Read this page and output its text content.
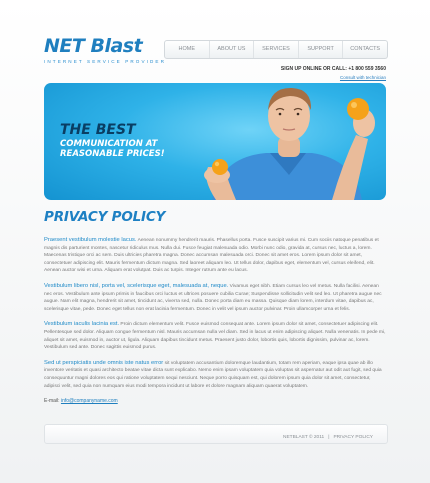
NET Blast
INTERNET SERVICE PROVIDER
HOME	ABOUT US	SERVICES	SUPPORT	CONTACTS
SIGN UP ONLINE OR CALL: +1 800 559 3560
Consult with technician
THE BEST
COMMUNICATION AT REASONABLE PRICES!
PRIVACY POLICY
Praesent vestibulum molestie lacus. Aenean nonummy hendrerit mauris. Phasellus porta. Fusce suscipit varius mi. Cum sociis natoque penatibus et magnis dis parturient montes, nascetur ridiculus mus. Nulla dui. Fusce feugiat malesuada odio. Morbi nunc odio, gravida at, cursus nec, luctus a, lorem. Maecenas tristique orci ac sem. Duis ultricies pharetra magna. Donec accumsan malesuada orci. Donec sit amet eros. Lorem ipsum dolor sit amet, consectetuer adipiscing elit. Mauris fermentum dictum magna. Sed laoreet aliquam leo. Ut tellus dolor, dapibus eget, elementum vel, cursus eleifend, elit. Aenean auctor wisi et urna. Aliquam erat volutpat. Duis ac turpis. Integer rutrum ante eu lacus.
Vestibulum libero nisl, porta vel, scelerisque eget, malesuada at, neque. Vivamus eget nibh. Etiam cursus leo vel metus. Nulla facilisi. Aenean nec eros. Vestibulum ante ipsum primis in faucibus orci luctus et ultrices posuere cubilia Curae; Suspendisse sollicitudin velit sed leo. Ut pharetra augue nec augue. Nam elit magna, hendrerit sit amet, tincidunt ac, viverra sed, nulla. Donec porta diam eu massa. Quisque diam lorem, interdum vitae, dapibus ac, scelerisque vitae, pede. Donec eget tellus non erat lacinia fermentum. Donec in velit vel ipsum auctor pulvinar. Proin ullamcorper urna et felis.
Vestibulum iaculis lacinia est. Proin dictum elementum velit. Fusce euismod consequat ante. Lorem ipsum dolor sit amet, consectetuer adipiscing elit. Pellentesque sed dolor. Aliquam congue fermentum nisl. Mauris accumsan nulla vel diam. Sed in lacus ut enim adipiscing aliquet. Nulla venenatis. In pede mi, aliquet sit amet, euismod in, auctor ut, ligula. Aliquam dapibus tincidunt metus. Praesent justo dolor, lobortis quis, lobortis dignissim, pulvinar ac, lorem. Vestibulum sed ante. Donec sagittis euismod purus.
Sed ut perspiciatis unde omnis iste natus error sit voluptatem accusantium doloremque laudantium, totam rem aperiam, eaque ipsa quae ab illo inventore veritatis et quasi architecto beatae vitae dicta sunt explicabo. Nemo enim ipsam voluptatem quia voluptas sit aspernatur aut odit aut fugit, sed quia consequuntur magni dolores eos qui ratione voluptatem sequi nesciunt. Neque porro quisquam est, qui dolorem ipsum quia dolor sit amet, consectetur, adipisci velit, sed quia non numquam eius modi tempora incidunt ut labore et dolore magnam aliquam quaerat voluptatem.
E-mail: info@companyname.com
NETBLAST © 2011 | PRIVACY POLICY
